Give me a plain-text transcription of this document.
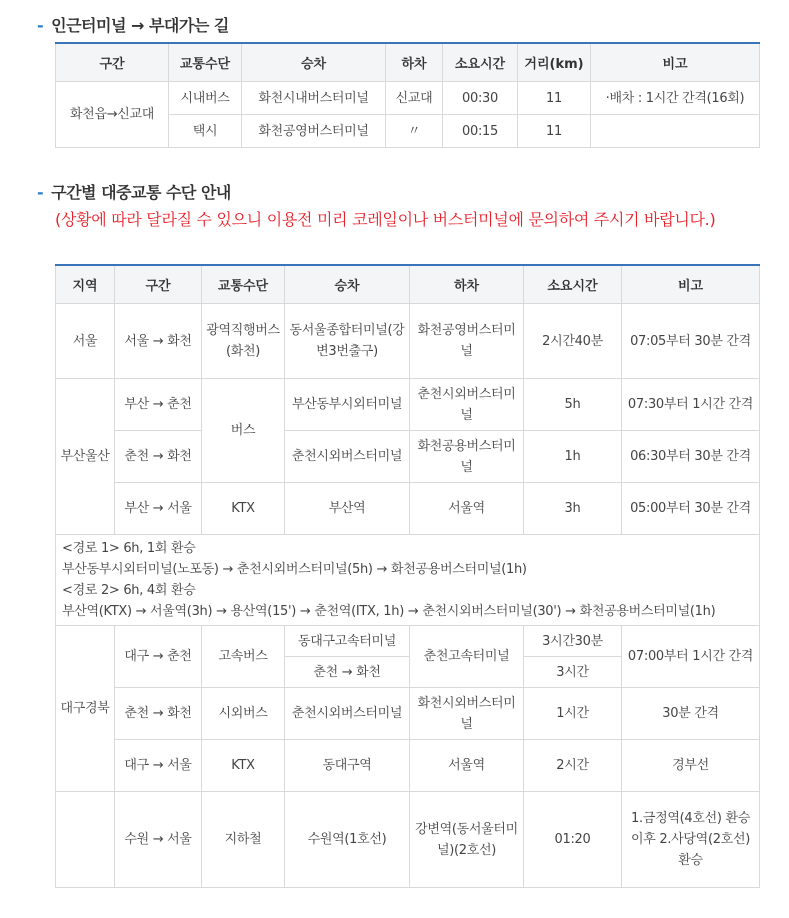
- 인근터미널 → 부대가는 길
구간	교통수단	승차	하차	소요시간	거리(km)	비고
화천읍→신교대	시내버스	화천시내버스터미널	신교대	00:30	11	·배차 : 1시간 간격(16회)
	택시	화천공영버스터미널	〃	00:15	11	
- 구간별 대중교통 수단 안내
(상황에 따라 달라질 수 있으니 이용전 미리 코레일이나 버스터미널에 문의하여 주시기 바랍니다.)
지역	구간	교통수단	승차	하차	소요시간	비고
서울	서울 → 화천	광역직행버스(화천)	동서울종합터미널(강변3번출구)	화천공영버스터미널	2시간40분	07:05부터 30분 간격
부산울산	부산 → 춘천	버스	부산동부시외터미널	춘천시외버스터미널	5h	07:30부터 1시간 간격
	춘천 → 화천		춘천시외버스터미널	화천공용버스터미널	1h	06:30부터 30분 간격
	부산 → 서울	KTX	부산역	서울역	3h	05:00부터 30분 간격

<경로 1> 6h, 1회 환승
부산동부시외터미널(노포동) → 춘천시외버스터미널(5h) → 화천공용버스터미널(1h)
<경로 2> 6h, 4회 환승
부산역(KTX) → 서울역(3h) → 용산역(15') → 춘천역(ITX, 1h) → 춘천시외버스터미널(30') → 화천공용버스터미널(1h)						

대구경북	대구 → 춘천	고속버스	동대구고속터미널	춘천고속터미널	3시간30분	07:00부터 1시간 간격
			춘천 → 화천		3시간	
	춘천 → 화천	시외버스	춘천시외버스터미널	화천시외버스터미널	1시간	30분 간격
	대구 → 서울	KTX	동대구역	서울역	2시간	경부선
	수원 → 서울	지하철	수원역(1호선)	강변역(동서울터미널)(2호선)	01:20	1.금정역(4호선) 환승 이후 2.사당역(2호선)환승
